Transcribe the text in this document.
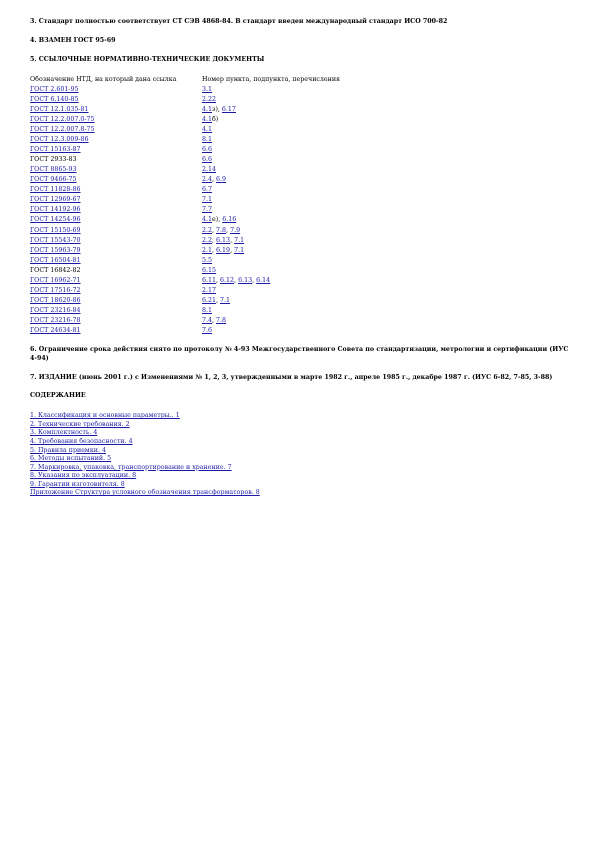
3. Стандарт полностью соответствует СТ СЭВ 4868-84. В стандарт введен международный стандарт ИСО 700-82

4. ВЗАМЕН ГОСТ 95-69

5. ССЫЛОЧНЫЕ НОРМАТИВНО-ТЕХНИЧЕСКИЕ ДОКУМЕНТЫ

Обозначение НТД, на который дана ссылка	Номер пункта, подпункта, перечисления
ГОСТ 2.601-95	3.1
ГОСТ 6.140-85	2.22
ГОСТ 12.1.035-81	4.1з), 6.17
ГОСТ 12.2.007.0-75	4.1б)
ГОСТ 12.2.007.8-75	4.1
ГОСТ 12.3.009-86	8.1
ГОСТ 15163-87	6.6
ГОСТ 2933-83	6.6
ГОСТ 8865-93	2.14
ГОСТ 9466-75	2.4, 6.9
ГОСТ 11828-86	6.7
ГОСТ 12969-67	7.1
ГОСТ 14192-96	7.7
ГОСТ 14254-96	4.1е), 6.16
ГОСТ 15150-69	2.2, 7.8, 7.9
ГОСТ 15543-70	2.2, 6.13, 7.1
ГОСТ 15963-79	2.1, 6.19, 7.1
ГОСТ 16504-81	5.5
ГОСТ 16842-82	6.15
ГОСТ 16962-71	6.11, 6.12, 6.13, 6.14
ГОСТ 17516-72	2.17
ГОСТ 18620-86	6.21, 7.1
ГОСТ 23216-84	8.1
ГОСТ 23216-78	7.4, 7.8
ГОСТ 24634-81	7.6

6. Ограничение срока действия снято по протоколу № 4-93 Межгосударственного Совета по стандартизации, метрологии и сертификации (ИУС 4-94)

7. ИЗДАНИЕ (июнь 2001 г.) с Изменениями № 1, 2, 3, утвержденными в марте 1982 г., апреле 1985 г., декабре 1987 г. (ИУС 6-82, 7-85, 3-88)

СОДЕРЖАНИЕ

1. Классификация и основные параметры.. 1
2. Технические требования. 2
3. Комплектность. 4
4. Требования безопасности. 4
5. Правила приемки. 4
6. Методы испытаний. 5
7. Маркировка, упаковка, транспортирование и хранение. 7
8. Указания по эксплуатации. 8
9. Гарантии изготовителя. 8
Приложение Структура условного обозначения трансформаторов. 8
